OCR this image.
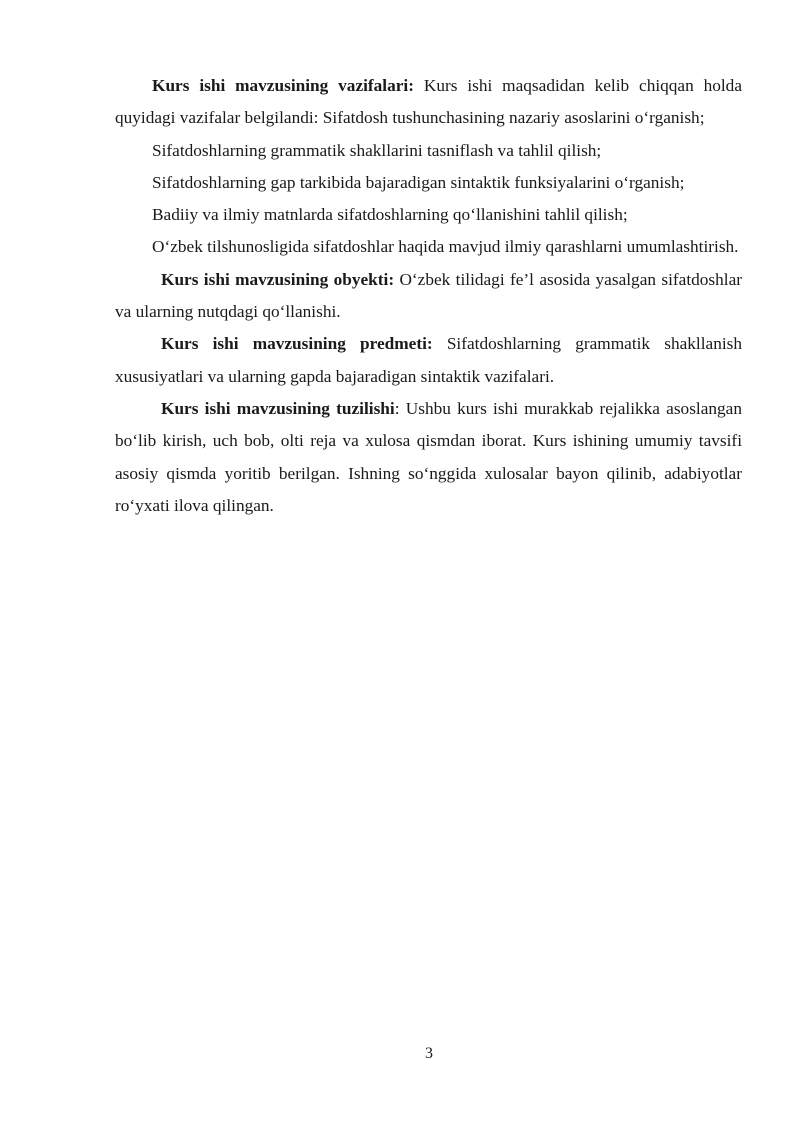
Kurs ishi mavzusining vazifalari: Kurs ishi maqsadidan kelib chiqqan holda quyidagi vazifalar belgilandi: Sifatdosh tushunchasining nazariy asoslarini o‘rganish;

Sifatdoshlarning grammatik shakllarini tasniflash va tahlil qilish;

Sifatdoshlarning gap tarkibida bajaradigan sintaktik funksiyalarini o‘rganish;

Badiiy va ilmiy matnlarda sifatdoshlarning qo‘llanishini tahlil qilish;

O‘zbek tilshunosligida sifatdoshlar haqida mavjud ilmiy qarashlarni umumlashtirish.

Kurs ishi mavzusining obyekti: O‘zbek tilidagi fe’l asosida yasalgan sifatdoshlar va ularning nutqdagi qo‘llanishi.

Kurs ishi mavzusining predmeti: Sifatdoshlarning grammatik shakllanish xususiyatlari va ularning gapda bajaradigan sintaktik vazifalari.

Kurs ishi mavzusining tuzilishi: Ushbu kurs ishi murakkab rejalikka asoslangan bo‘lib kirish, uch bob, olti reja va xulosa qismdan iborat. Kurs ishining umumiy tavsifi asosiy qismda yoritib berilgan. Ishning so‘nggida xulosalar bayon qilinib, adabiyotlar ro‘yxati ilova qilingan.

3
